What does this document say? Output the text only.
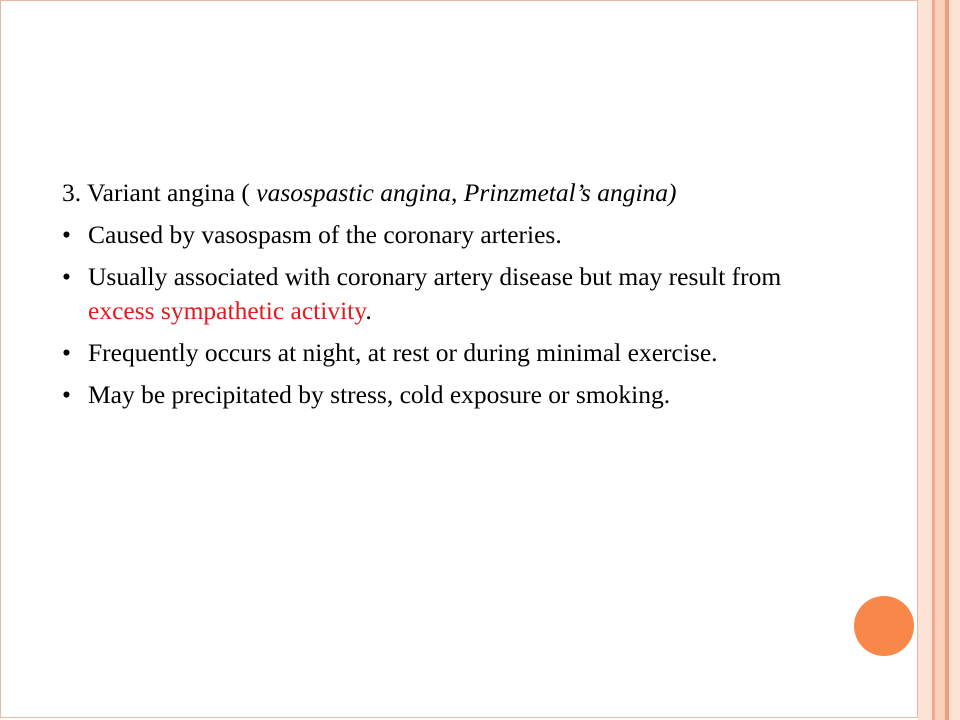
3. Variant angina ( vasospastic angina, Prinzmetal’s angina)

• Caused by vasospasm of the coronary arteries.
• Usually associated with coronary artery disease but may result from excess sympathetic activity.
• Frequently occurs at night, at rest or during minimal exercise.
• May be precipitated by stress, cold exposure or smoking.
